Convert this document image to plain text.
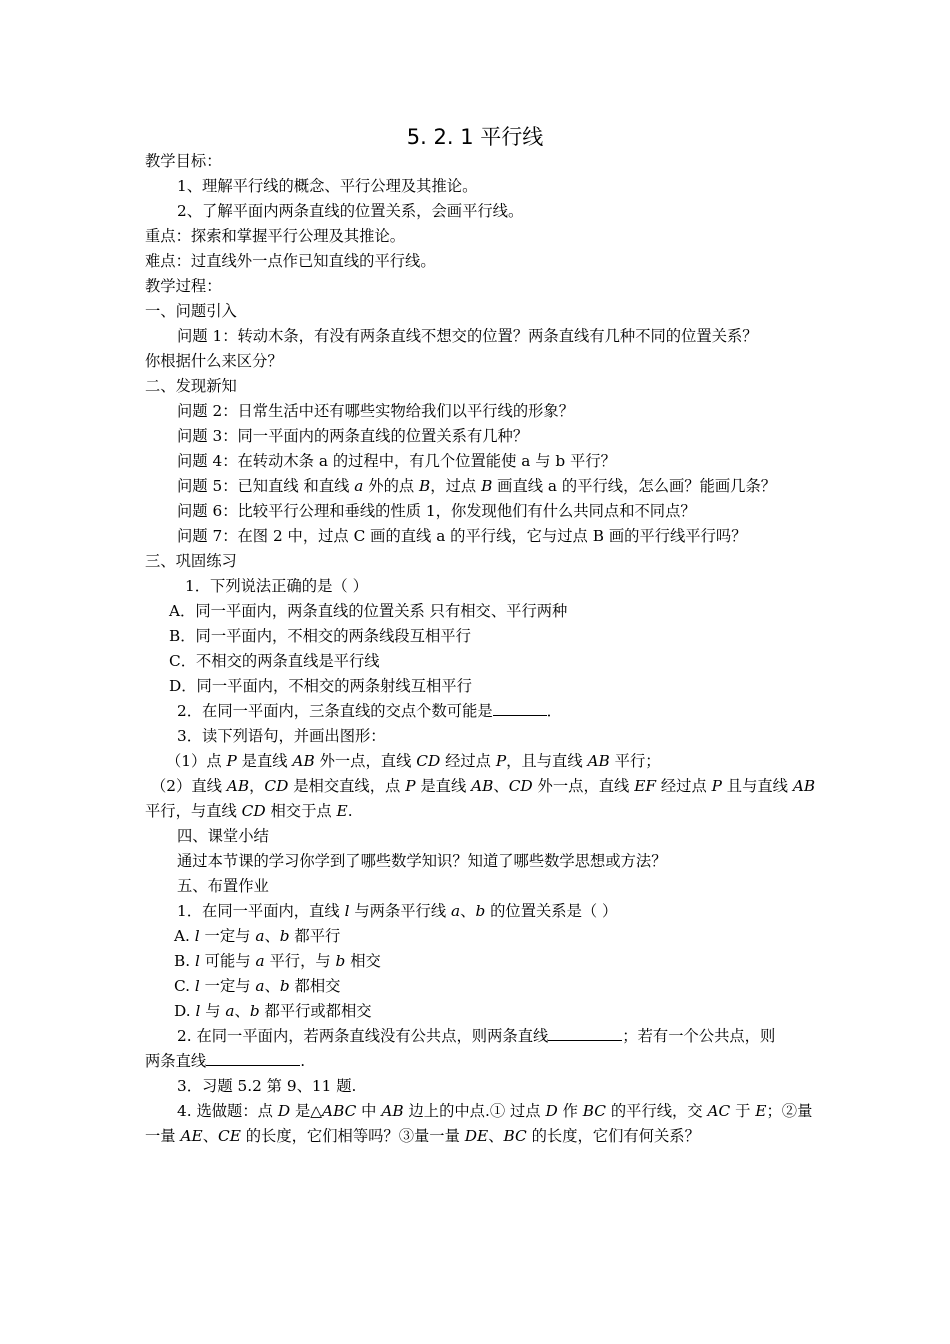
5. 2. 1 平行线
教学目标：
1、理解平行线的概念、平行公理及其推论。
2、了解平面内两条直线的位置关系，会画平行线。
重点：探索和掌握平行公理及其推论。
难点：过直线外一点作已知直线的平行线。
教学过程：
一、问题引入
问题 1：转动木条，有没有两条直线不想交的位置？两条直线有几种不同的位置关系？
你根据什么来区分？
二、发现新知
问题 2：日常生活中还有哪些实物给我们以平行线的形象？
问题 3：同一平面内的两条直线的位置关系有几种？
问题 4：在转动木条 a 的过程中，有几个位置能使 a 与 b 平行？
问题 5：已知直线 和直线 a 外的点 B，过点 B 画直线 a 的平行线，怎么画？能画几条？
问题 6：比较平行公理和垂线的性质 1，你发现他们有什么共同点和不同点？
问题 7：在图 2 中，过点 C 画的直线 a 的平行线，它与过点 B 画的平行线平行吗？
三、巩固练习
1．下列说法正确的是（ ）
A．同一平面内，两条直线的位置关系 只有相交、平行两种
B．同一平面内，不相交的两条线段互相平行
C．不相交的两条直线是平行线
D．同一平面内，不相交的两条射线互相平行
2．在同一平面内，三条直线的交点个数可能是	．
3．读下列语句，并画出图形：
（1）点 P 是直线 AB 外一点，直线 CD 经过点 P，且与直线 AB 平行；
（2）直线 AB，CD 是相交直线，点 P 是直线 AB、CD 外一点，直线 EF 经过点 P 且与直线 AB
平行，与直线 CD 相交于点 E.
四、课堂小结
通过本节课的学习你学到了哪些数学知识？知道了哪些数学思想或方法？
五、布置作业
1．在同一平面内，直线 l 与两条平行线 a、b 的位置关系是（ ）
A. l 一定与 a、b 都平行
B. l 可能与 a 平行，与 b 相交
C. l 一定与 a、b 都相交
D. l 与 a、b 都平行或都相交
2. 在同一平面内，若两条直线没有公共点，则两条直线	；若有一个公共点，则
两条直线	.
3．习题 5.2 第 9、11 题.
4. 选做题：点 D 是△ABC 中 AB 边上的中点.① 过点 D 作 BC 的平行线，交 AC 于 E；②量
一量 AE、CE 的长度，它们相等吗？③量一量 DE、BC 的长度，它们有何关系？
